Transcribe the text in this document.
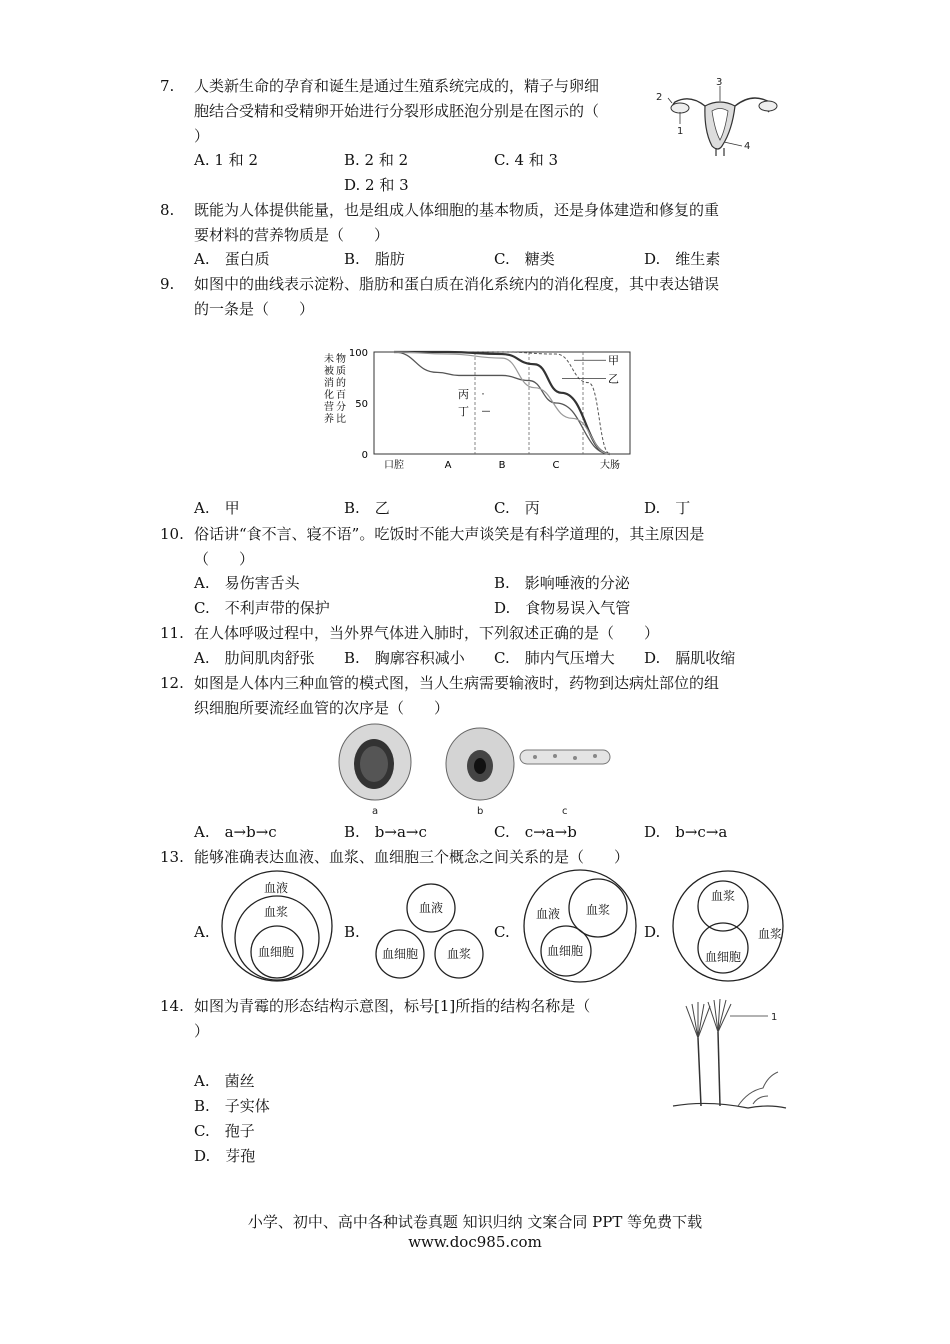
7.	人类新生命的孕育和诞生是通过生殖系统完成的，精子与卵细
胞结合受精和受精卵开始进行分裂形成胚泡分别是在图示的（
）
A. 1 和 2	B. 2 和 2	C. 4 和 3
D. 2 和 3
1
2
3
4
8.	既能为人体提供能量，也是组成人体细胞的基本物质，还是身体建造和修复的重
要材料的营养物质是（　　）
A.　蛋白质	B.　脂肪	C.　糖类	D.　维生素
9.	如图中的曲线表示淀粉、脂肪和蛋白质在消化系统内的消化程度，其中表达错误
的一条是（　　）
未
被
消
化
营
养
物
质
的
百
分
比
100
50
0
口腔	A	B	C	大肠
甲
乙
丙
丁
A.　甲	B.　乙	C.　丙	D.　丁
10. 俗话讲“食不言、寝不语”。吃饭时不能大声谈笑是有科学道理的，其主原因是
（　　）
A.　易伤害舌头	B.　影响唾液的分泌
C.　不利声带的保护	D.　食物易误入气管
11. 在人体呼吸过程中，当外界气体进入肺时，下列叙述正确的是（　　）
A.　肋间肌肉舒张 B.　胸廓容积减小 C.　肺内气压增大 D.　膈肌收缩
12. 如图是人体内三种血管的模式图，当人生病需要输液时，药物到达病灶部位的组
织细胞所要流经血管的次序是（　　）
a	b	c
A.　a→b→c	B.　b→a→c	C.　c→a→b	D.　b→c→a
13. 能够准确表达血液、血浆、血细胞三个概念之间关系的是（　　）
A.	B.	C.	D.
血液
血浆
血细胞
血液
血细胞 血浆
血液 血浆
血细胞
血浆
血浆
血细胞
14. 如图为青霉的形态结构示意图，标号[1]所指的结构名称是（
）
A.　菌丝
B.　子实体
C.　孢子
D.　芽孢
1
小学、初中、高中各种试卷真题 知识归纳 文案合同 PPT 等免费下载
www.doc985.com
